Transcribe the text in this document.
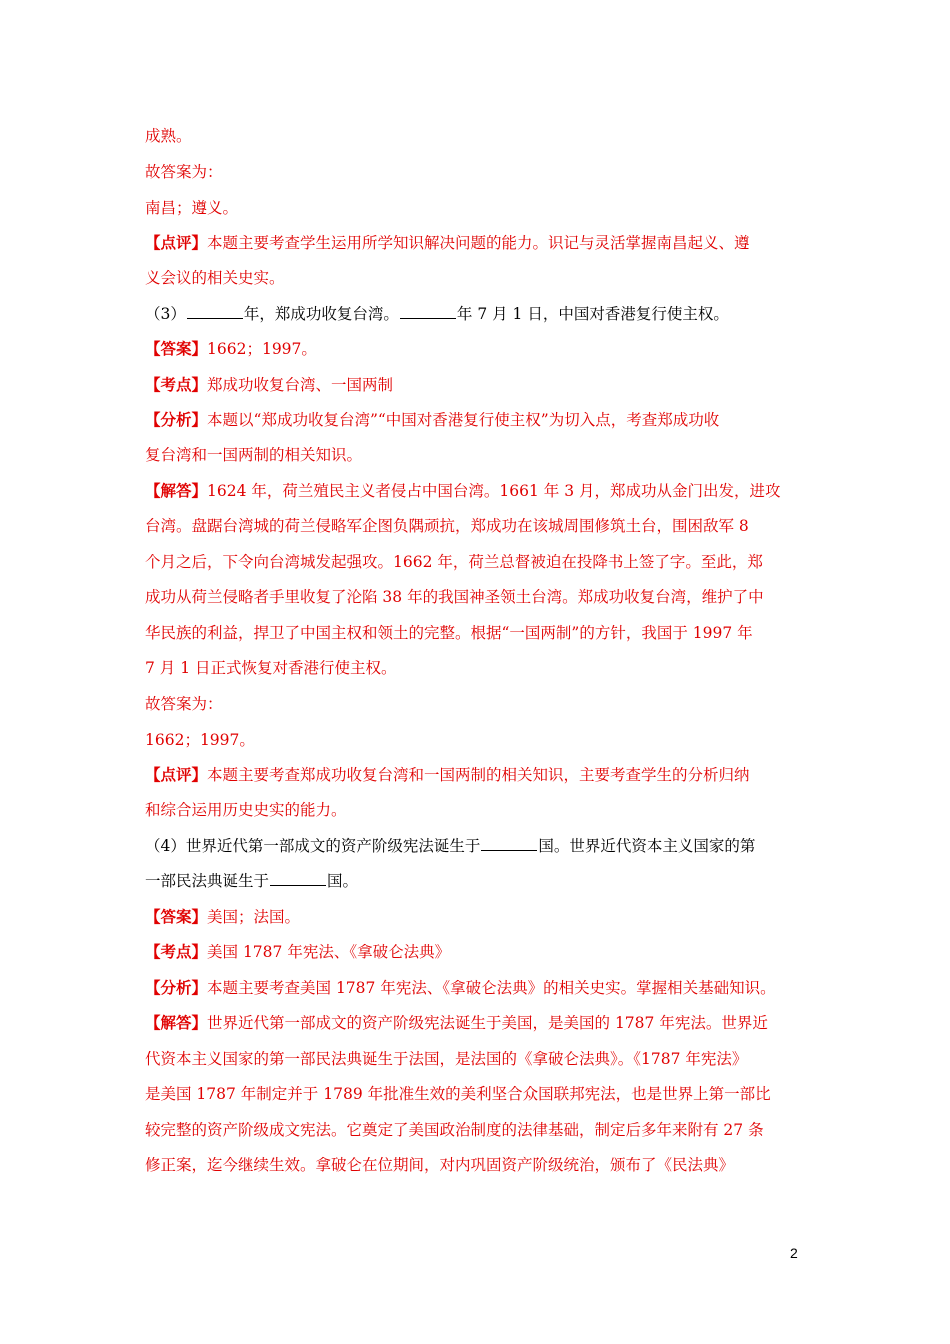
成熟。
故答案为：
南昌；遵义。
【点评】本题主要考查学生运用所学知识解决问题的能力。识记与灵活掌握南昌起义、遵
义会议的相关史实。
（3）	年，郑成功收复台湾。	年 7 月 1 日，中国对香港复行使主权。
【答案】1662；1997。
【考点】郑成功收复台湾、一国两制
【分析】本题以“郑成功收复台湾”“中国对香港复行使主权”为切入点，考查郑成功收
复台湾和一国两制的相关知识。
【解答】1624 年，荷兰殖民主义者侵占中国台湾。1661 年 3 月，郑成功从金门出发，进攻
台湾。盘踞台湾城的荷兰侵略军企图负隅顽抗，郑成功在该城周围修筑土台，围困敌军 8
个月之后，下令向台湾城发起强攻。1662 年，荷兰总督被迫在投降书上签了字。至此，郑
成功从荷兰侵略者手里收复了沦陷 38 年的我国神圣领土台湾。郑成功收复台湾，维护了中
华民族的利益，捍卫了中国主权和领土的完整。根据“一国两制”的方针，我国于 1997 年
7 月 1 日正式恢复对香港行使主权。
故答案为：
1662；1997。
【点评】本题主要考查郑成功收复台湾和一国两制的相关知识，主要考查学生的分析归纳
和综合运用历史史实的能力。
（4）世界近代第一部成文的资产阶级宪法诞生于	国。世界近代资本主义国家的第
一部民法典诞生于	国。
【答案】美国；法国。
【考点】美国 1787 年宪法、《拿破仑法典》
【分析】本题主要考查美国 1787 年宪法、《拿破仑法典》的相关史实。掌握相关基础知识。
【解答】世界近代第一部成文的资产阶级宪法诞生于美国，是美国的 1787 年宪法。世界近
代资本主义国家的第一部民法典诞生于法国，是法国的《拿破仑法典》。《1787 年宪法》
是美国 1787 年制定并于 1789 年批准生效的美利坚合众国联邦宪法，也是世界上第一部比
较完整的资产阶级成文宪法。它奠定了美国政治制度的法律基础，制定后多年来附有 27 条
修正案，迄今继续生效。拿破仑在位期间，对内巩固资产阶级统治，颁布了《民法典》
2
